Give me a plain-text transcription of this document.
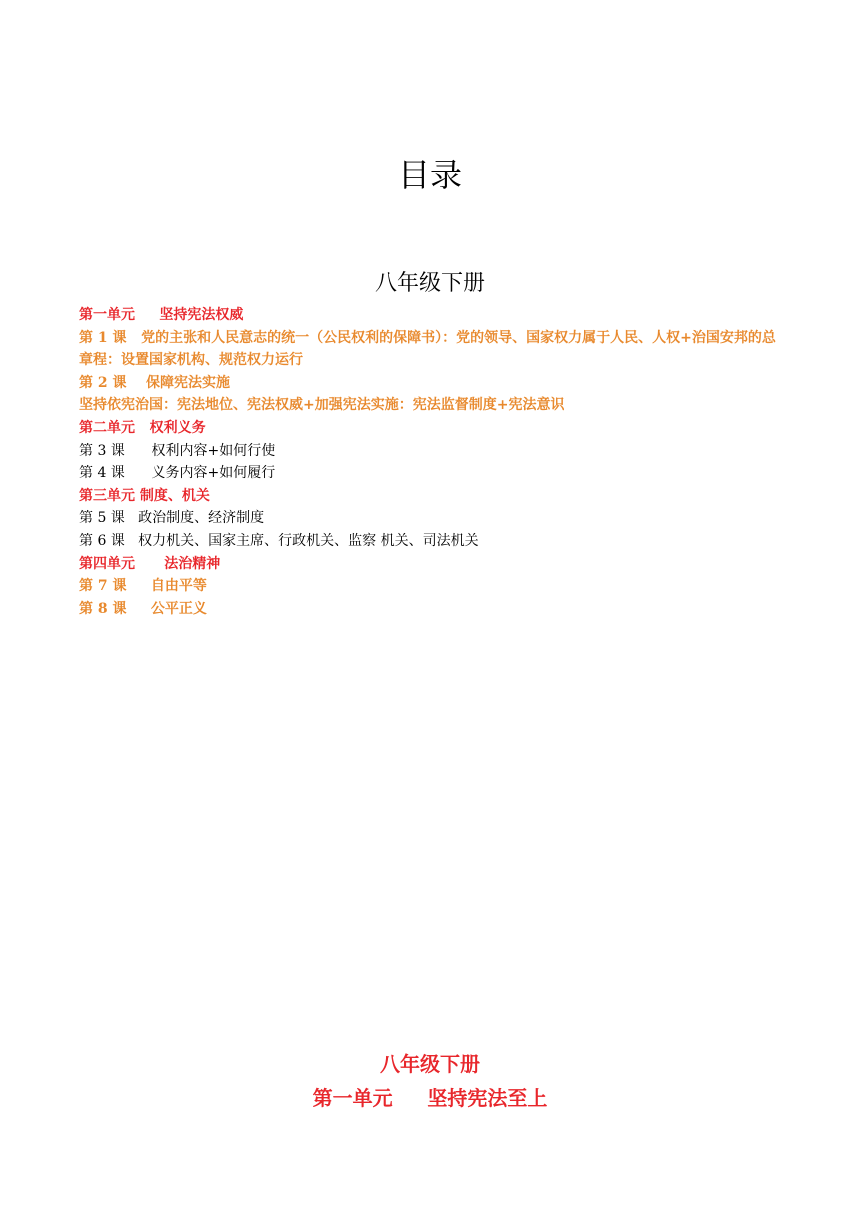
目录
八年级下册

第一单元     坚持宪法权威

第 1 课   党的主张和人民意志的统一（公民权利的保障书）：党的领导、国家权力属于人民、人权+治国安邦的总章程：设置国家机构、规范权力运行

第 2 课    保障宪法实施

坚持依宪治国：宪法地位、宪法权威+加强宪法实施：宪法监督制度+宪法意识

第二单元   权利义务

第 3 课      权利内容+如何行使

第 4 课      义务内容+如何履行

第三单元 制度、机关

第 5 课   政治制度、经济制度

第 6 课   权力机关、国家主席、行政机关、监察 机关、司法机关

第四单元      法治精神

第 7 课     自由平等

第 8 课     公平正义

八年级下册
第一单元     坚持宪法至上
